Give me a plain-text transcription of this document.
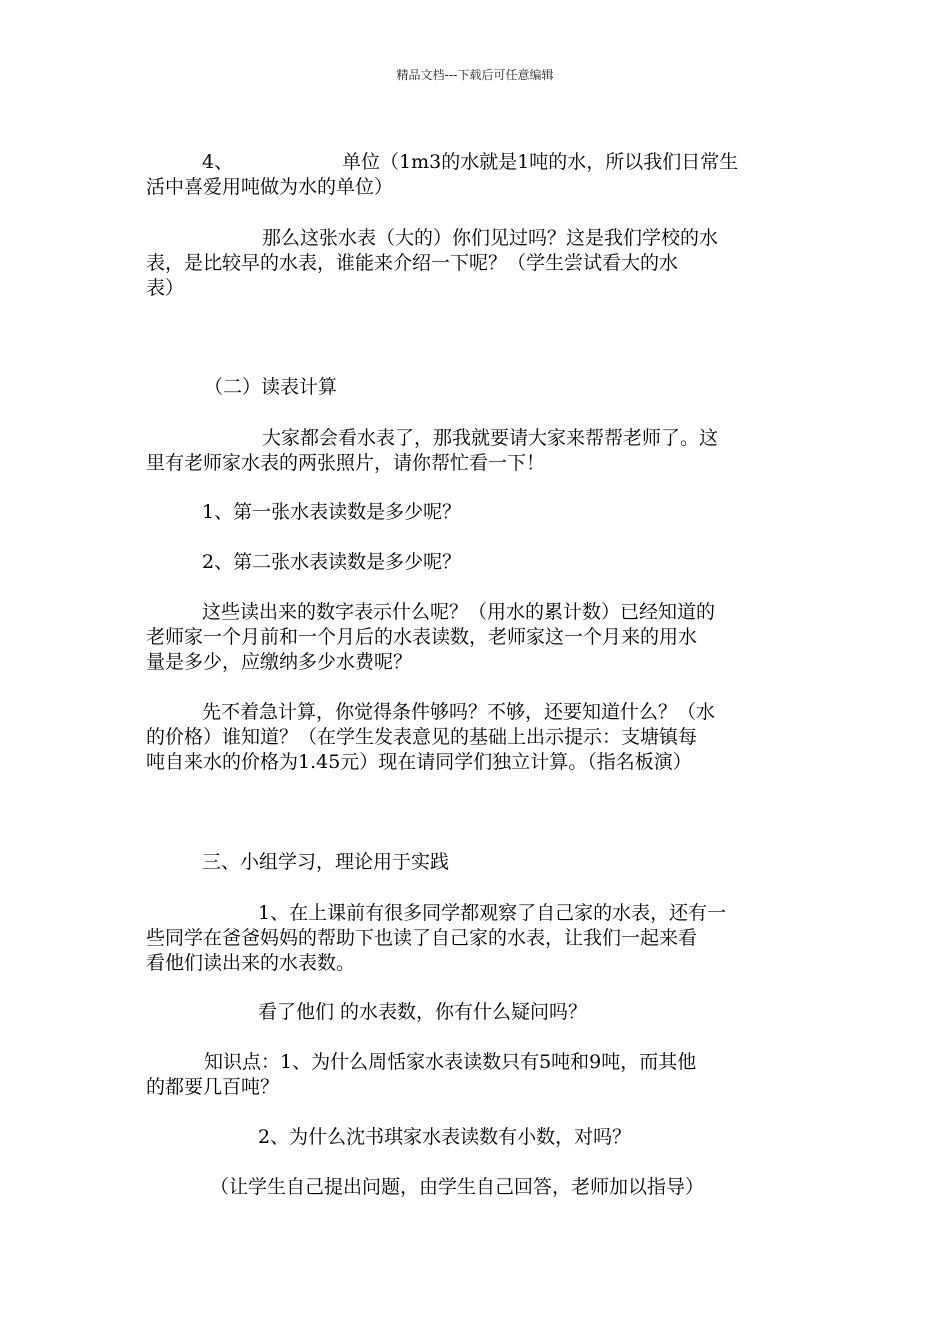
精品文档---下载后可任意编辑
4、	单位（1m3的水就是1吨的水，所以我们日常生
活中喜爱用吨做为水的单位）
那么这张水表（大的）你们见过吗？这是我们学校的水
表，是比较早的水表，谁能来介绍一下呢？（学生尝试看大的水
表）
（二）读表计算
大家都会看水表了，那我就要请大家来帮帮老师了。这
里有老师家水表的两张照片，请你帮忙看一下！
1、第一张水表读数是多少呢？
2、第二张水表读数是多少呢？
这些读出来的数字表示什么呢？（用水的累计数）已经知道的
老师家一个月前和一个月后的水表读数，老师家这一个月来的用水
量是多少，应缴纳多少水费呢？
先不着急计算，你觉得条件够吗？不够，还要知道什么？（水
的价格）谁知道？（在学生发表意见的基础上出示提示：支塘镇每
吨自来水的价格为1.45元）现在请同学们独立计算。（指名板演）
三、小组学习，理论用于实践
1、在上课前有很多同学都观察了自己家的水表，还有一
些同学在爸爸妈妈的帮助下也读了自己家的水表，让我们一起来看
看他们读出来的水表数。
看了他们 的水表数，你有什么疑问吗？
知识点：1、为什么周恬家水表读数只有5吨和9吨，而其他
的都要几百吨？
2、为什么沈书琪家水表读数有小数，对吗？
（让学生自己提出问题，由学生自己回答，老师加以指导）
